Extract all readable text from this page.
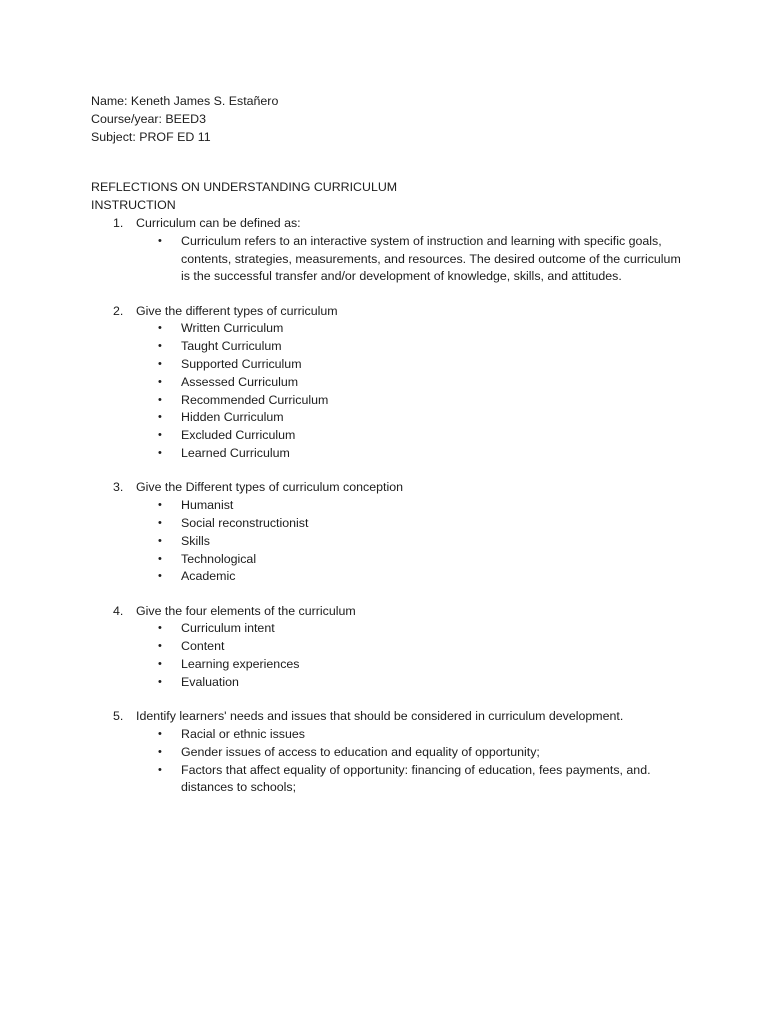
Name: Keneth James S. Estañero
Course/year: BEED3
Subject: PROF ED 11
REFLECTIONS ON UNDERSTANDING CURRICULUM
INSTRUCTION
1. Curriculum can be defined as:
• Curriculum refers to an interactive system of instruction and learning with specific goals, contents, strategies, measurements, and resources. The desired outcome of the curriculum is the successful transfer and/or development of knowledge, skills, and attitudes.
2. Give the different types of curriculum
• Written Curriculum
• Taught Curriculum
• Supported Curriculum
• Assessed Curriculum
• Recommended Curriculum
• Hidden Curriculum
• Excluded Curriculum
• Learned Curriculum
3. Give the Different types of curriculum conception
• Humanist
• Social reconstructionist
• Skills
• Technological
• Academic
4. Give the four elements of the curriculum
• Curriculum intent
• Content
• Learning experiences
• Evaluation
5. Identify learners' needs and issues that should be considered in curriculum development.
• Racial or ethnic issues
• Gender issues of access to education and equality of opportunity;
• Factors that affect equality of opportunity: financing of education, fees payments, and. distances to schools;
